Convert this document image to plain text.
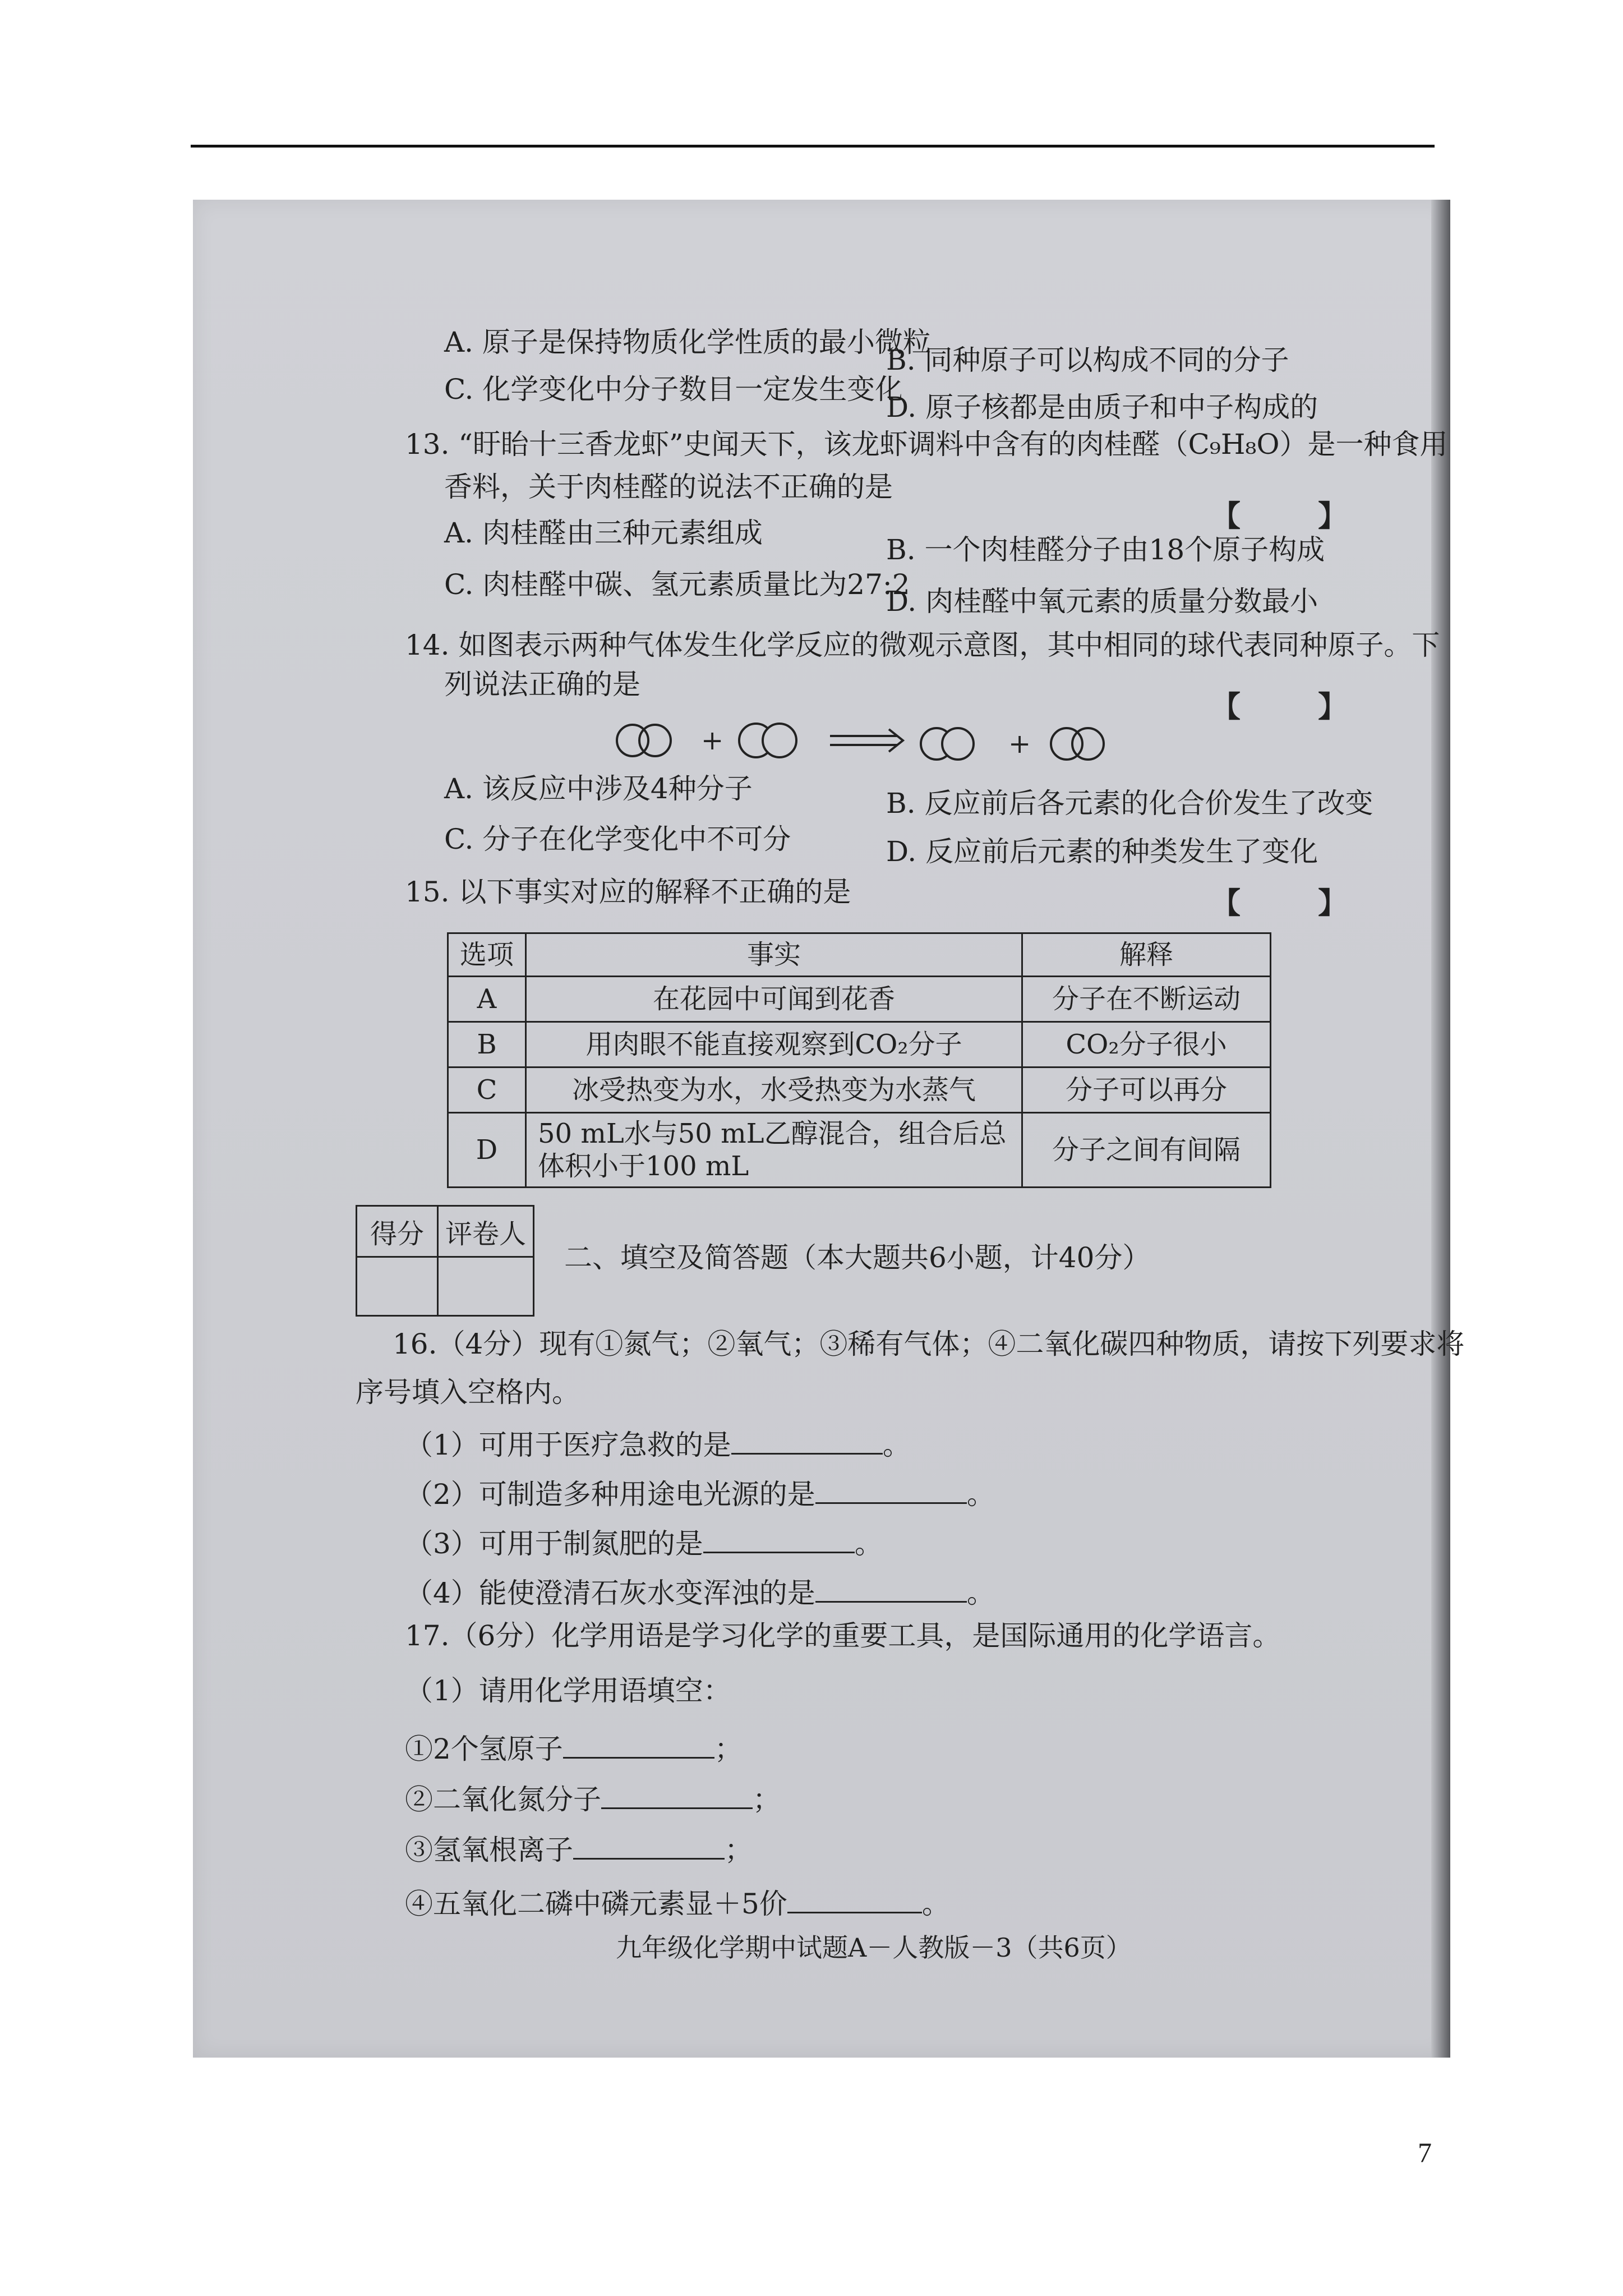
A. 原子是保持物质化学性质的最小微粒
B. 同种原子可以构成不同的分子
C. 化学变化中分子数目一定发生变化
D. 原子核都是由质子和中子构成的
13. “盱眙十三香龙虾”史闻天下，该龙虾调料中含有的肉桂醛（C₉H₈O）是一种食用
香料，关于肉桂醛的说法不正确的是
【 】
A. 肉桂醛由三种元素组成
B. 一个肉桂醛分子由18个原子构成
C. 肉桂醛中碳、氢元素质量比为27:2
D. 肉桂醛中氧元素的质量分数最小
14. 如图表示两种气体发生化学反应的微观示意图，其中相同的球代表同种原子。下
列说法正确的是
【 】
+	+
A. 该反应中涉及4种分子	B. 反应前后各元素的化合价发生了改变
C. 分子在化学变化中不可分	D. 反应前后元素的种类发生了变化
15. 以下事实对应的解释不正确的是	【 】
选项	事实	解释
A	在花园中可闻到花香	分子在不断运动
B	用肉眼不能直接观察到CO₂分子	CO₂分子很小
C	冰受热变为水，水受热变为水蒸气	分子可以再分
D	50 mL水与50 mL乙醇混合，组合后总体积小于100 mL	分子之间有间隔
得分	评卷人

二、填空及简答题（本大题共6小题，计40分）
16.（4分）现有①氮气；②氧气；③稀有气体；④二氧化碳四种物质，请按下列要求将
序号填入空格内。
（1）可用于医疗急救的是	。
（2）可制造多种用途电光源的是	。
（3）可用于制氮肥的是	。
（4）能使澄清石灰水变浑浊的是	。
17.（6分）化学用语是学习化学的重要工具，是国际通用的化学语言。
（1）请用化学用语填空：
①2个氢原子	；
②二氧化氮分子	；
③氢氧根离子	；
④五氧化二磷中磷元素显＋5价	。
九年级化学期中试题A－人教版－3（共6页）
7
